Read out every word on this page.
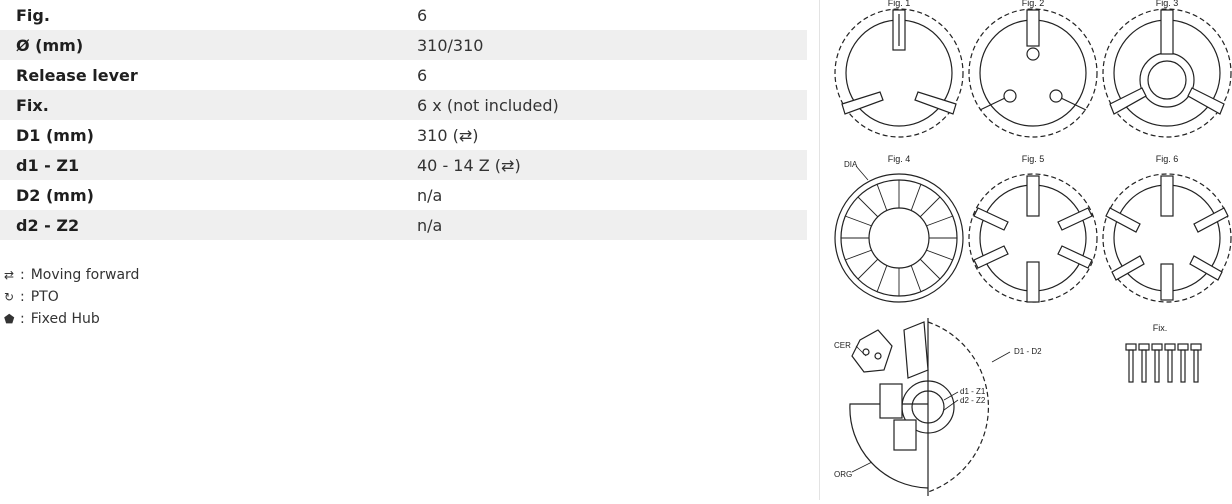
Fig.	6
Ø (mm)	310/310
Release lever	6
Fix.	6 x (not included)
D1 (mm)	310 (⇄)
d1 - Z1	40 - 14 Z (⇄)
D2 (mm)	n/a
d2 - Z2	n/a
⇄ : Moving forward
↻ : PTO
⬟ : Fixed Hub
Fig. 1	Fig. 2	Fig. 3
Fig. 4	Fig. 5	Fig. 6
DIA
CER
ORG
D1 - D2
d1 - Z1
d2 - Z2
Fix.
